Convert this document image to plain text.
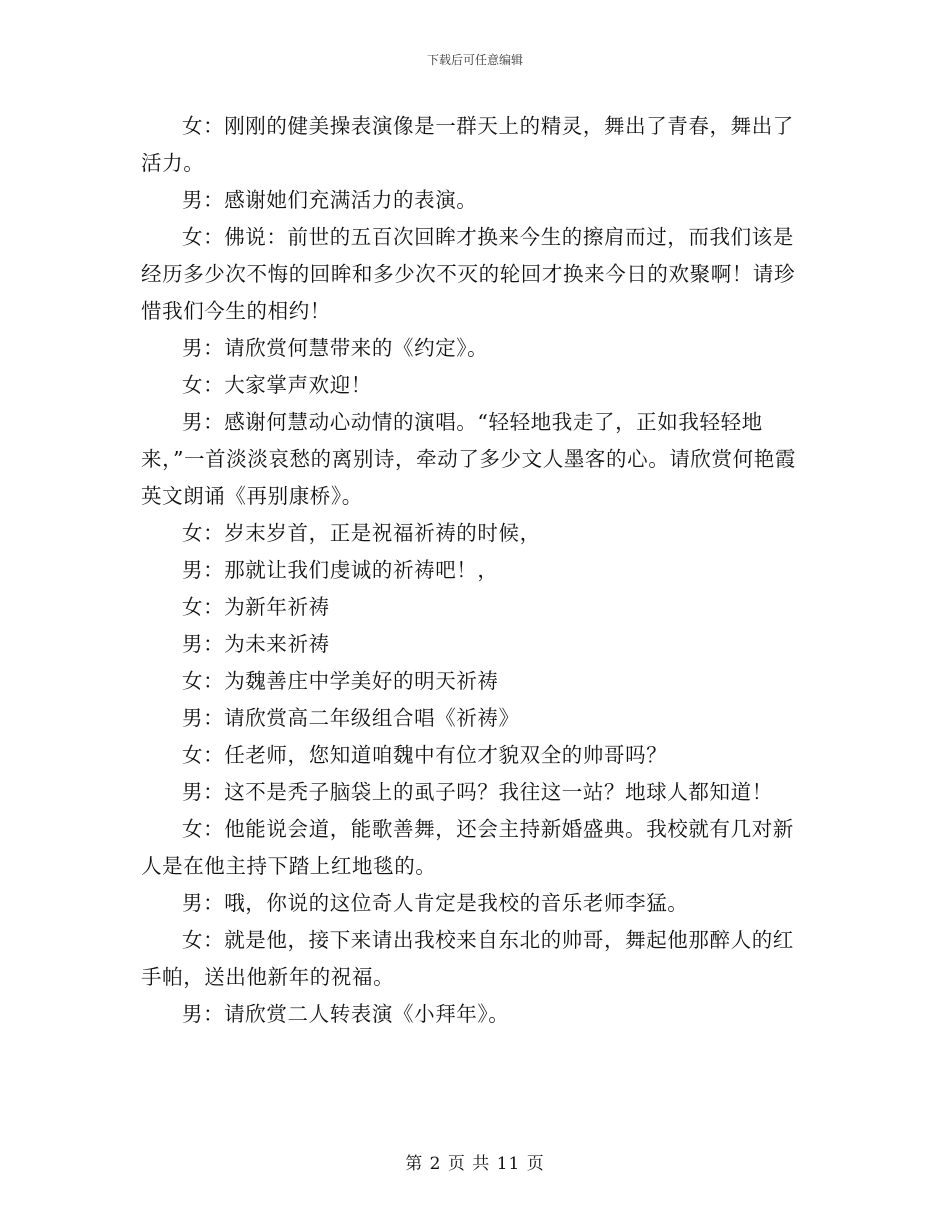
下载后可任意编辑

女：刚刚的健美操表演像是一群天上的精灵，舞出了青春，舞出了活力。

男：感谢她们充满活力的表演。

女：佛说：前世的五百次回眸才换来今生的擦肩而过，而我们该是经历多少次不悔的回眸和多少次不灭的轮回才换来今日的欢聚啊！请珍惜我们今生的相约！

男：请欣赏何慧带来的《约定》。

女：大家掌声欢迎！

男：感谢何慧动心动情的演唱。“轻轻地我走了，正如我轻轻地来，”一首淡淡哀愁的离别诗，牵动了多少文人墨客的心。请欣赏何艳霞英文朗诵《再别康桥》。

女：岁末岁首，正是祝福祈祷的时候，

男：那就让我们虔诚的祈祷吧！，

女：为新年祈祷

男：为未来祈祷

女：为魏善庄中学美好的明天祈祷

男：请欣赏高二年级组合唱《祈祷》

女：任老师，您知道咱魏中有位才貌双全的帅哥吗？

男：这不是秃子脑袋上的虱子吗？我往这一站？地球人都知道！

女：他能说会道，能歌善舞，还会主持新婚盛典。我校就有几对新人是在他主持下踏上红地毯的。

男：哦，你说的这位奇人肯定是我校的音乐老师李猛。

女：就是他，接下来请出我校来自东北的帅哥，舞起他那醉人的红手帕，送出他新年的祝福。

男：请欣赏二人转表演《小拜年》。

第 2 页 共 11 页
